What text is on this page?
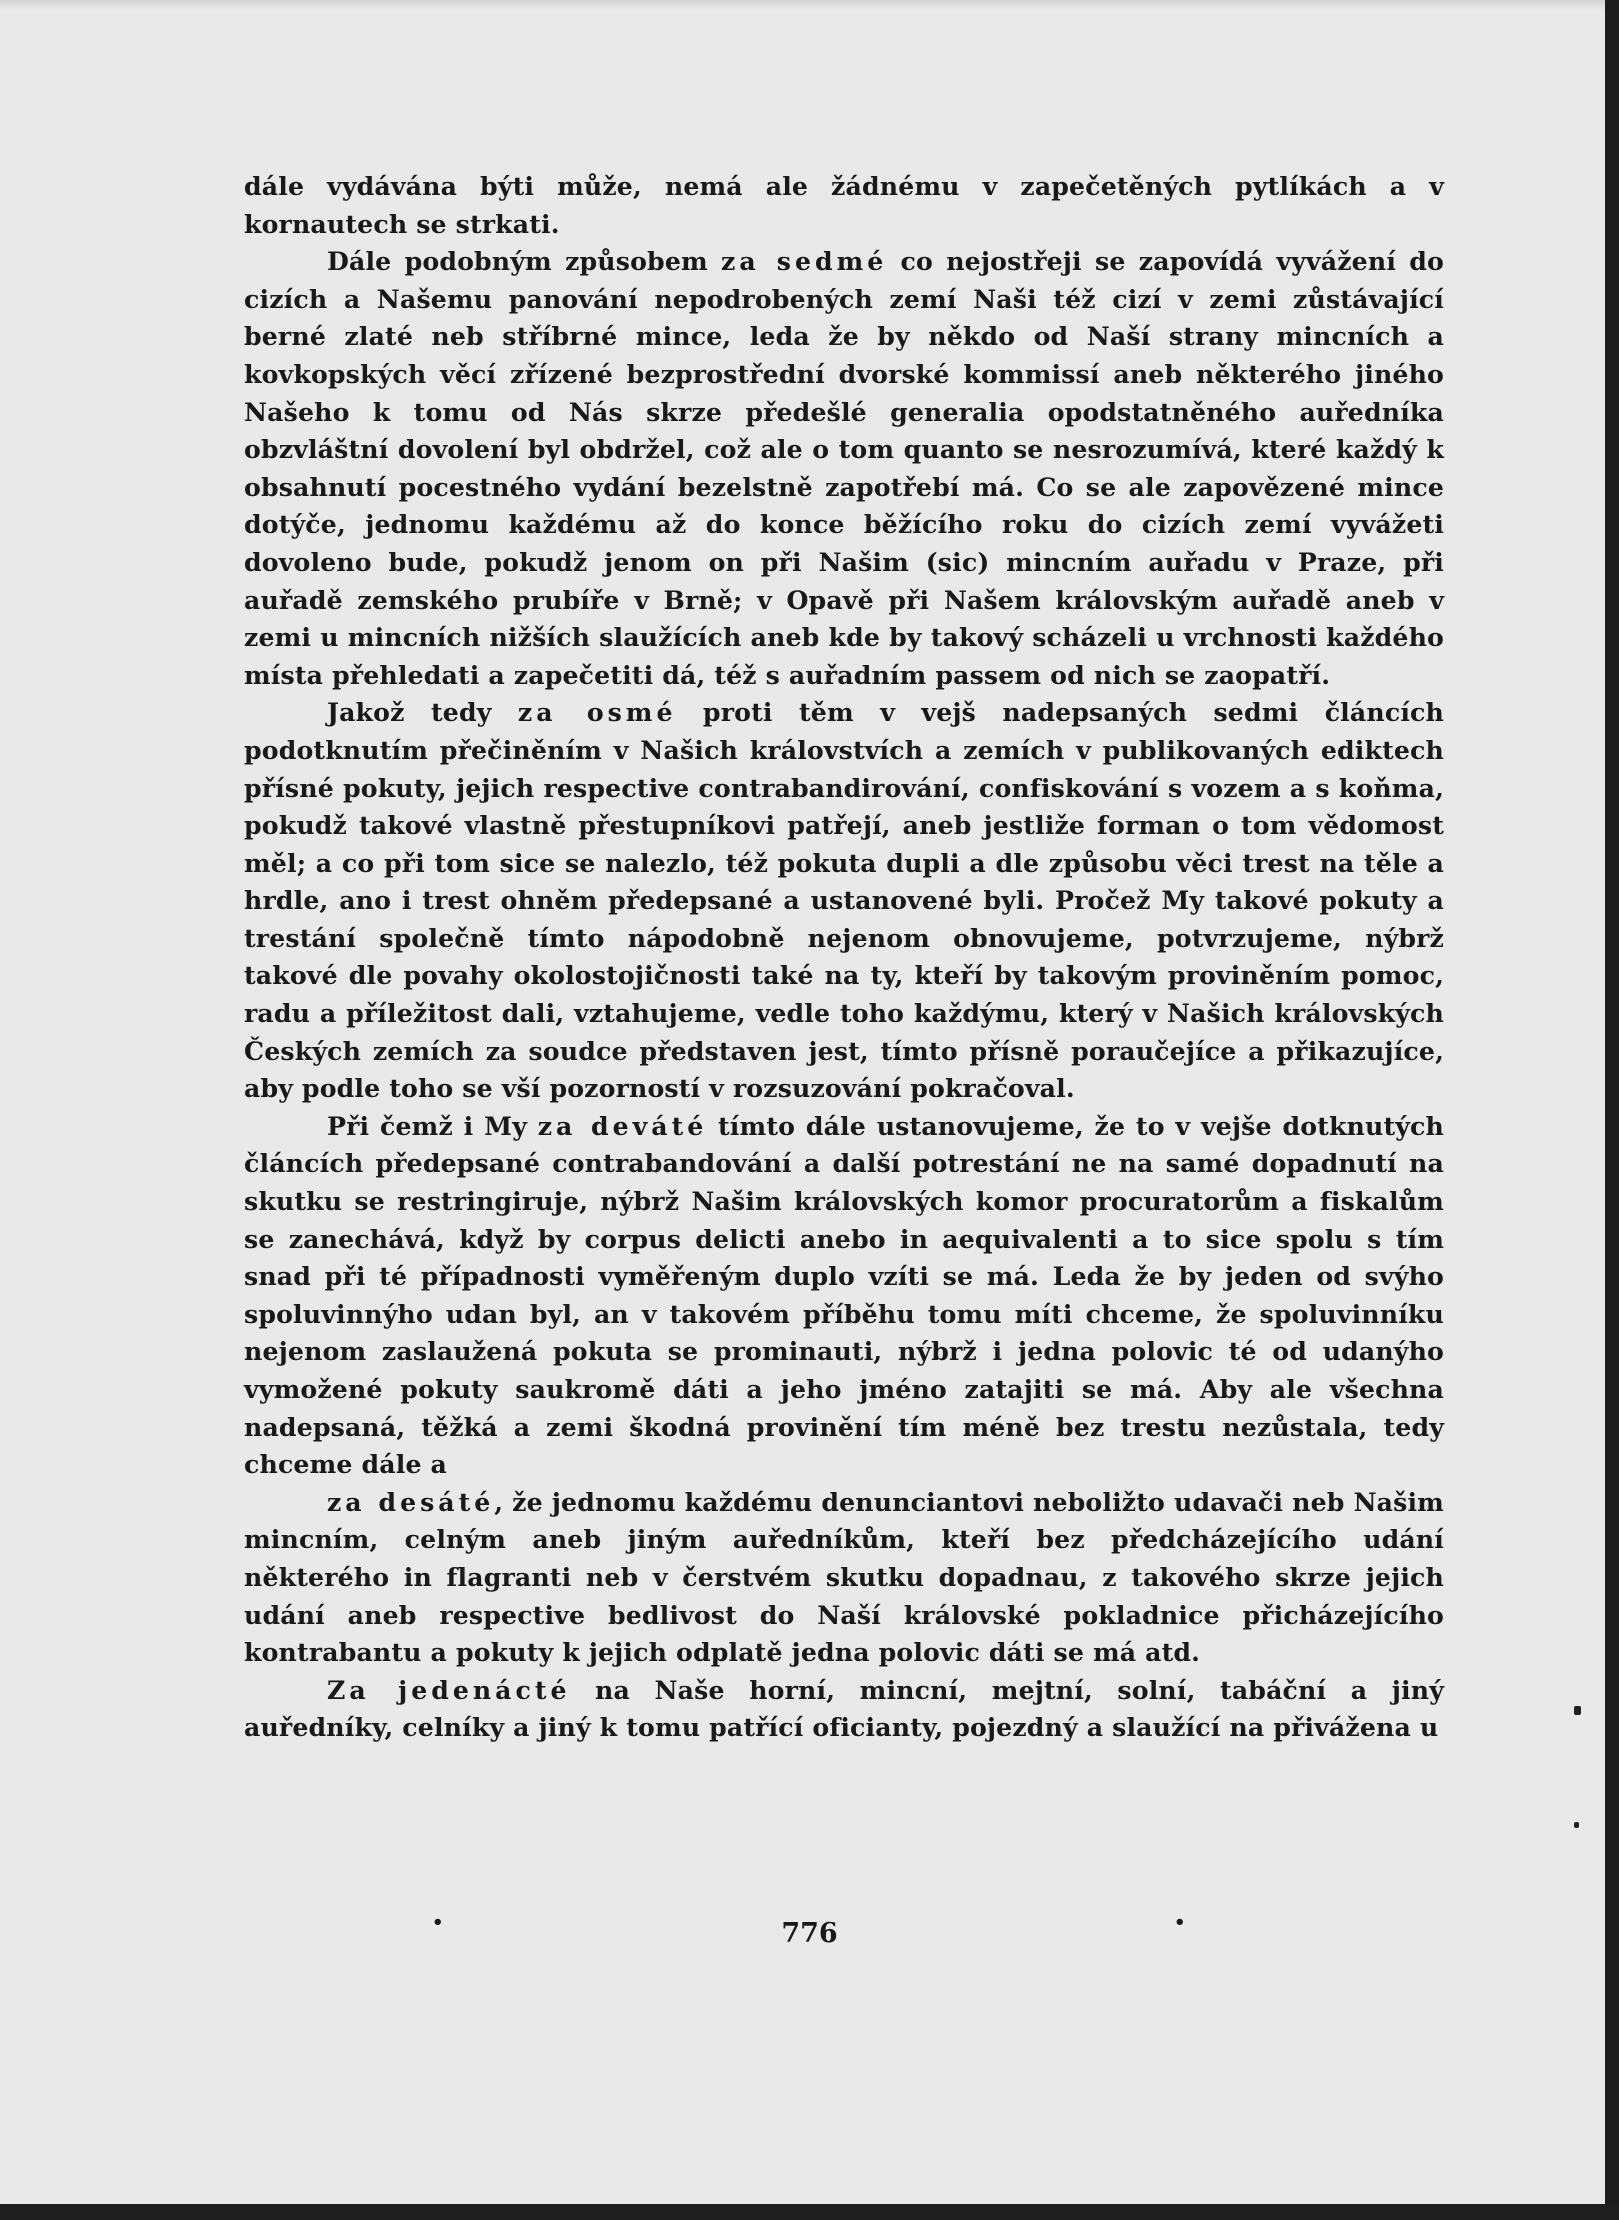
dále vydávána býti může, nemá ale žádnému v zapečetěných pytlíkách a v kornautech se strkati.

Dále podobným způsobem za sedmé co nejostřeji se zapovídá vyvážení do cizích a Našemu panování nepodrobených zemí Naši též cizí v zemi zůstávající berné zlaté neb stříbrné mince, leda že by někdo od Naší strany mincních a kovkopských věcí zřízené bezprostřední dvorské kommissí aneb některého jiného Našeho k tomu od Nás skrze předešlé generalia opodstatněného auředníka obzvláštní dovolení byl obdržel, což ale o tom quanto se nesrozumívá, které každý k obsahnutí pocestného vydání bezelstně zapotřebí má. Co se ale zapovězené mince dotýče, jednomu každému až do konce běžícího roku do cizích zemí vyvážeti dovoleno bude, pokudž jenom on při Našim (sic) mincním auřadu v Praze, při auřadě zemského prubíře v Brně; v Opavě při Našem královským auřadě aneb v zemi u mincních nižších slaužících aneb kde by takový scházeli u vrchnosti každého místa přehledati a zapečetiti dá, též s auřadním passem od nich se zaopatří.

Jakož tedy za osmé proti těm v vejš nadepsaných sedmi článcích podotknutím přečiněním v Našich královstvích a zemích v publikovaných ediktech přísné pokuty, jejich respective contrabandirování, confiskování s vozem a s koňma, pokudž takové vlastně přestupníkovi patřejí, aneb jestliže forman o tom vědomost měl; a co při tom sice se nalezlo, též pokuta dupli a dle způsobu věci trest na těle a hrdle, ano i trest ohněm předepsané a ustanovené byli. Pročež My takové pokuty a trestání společně tímto nápodobně nejenom obnovujeme, potvrzujeme, nýbrž takové dle povahy okolostojičnosti také na ty, kteří by takovým proviněním pomoc, radu a příležitost dali, vztahujeme, vedle toho každýmu, který v Našich královských Českých zemích za soudce představen jest, tímto přísně poraučejíce a přikazujíce, aby podle toho se vší pozorností v rozsuzování pokračoval.

Při čemž i My za deváté tímto dále ustanovujeme, že to v vejše dotknutých článcích předepsané contrabandování a další potrestání ne na samé dopadnutí na skutku se restringiruje, nýbrž Našim královských komor procuratorům a fiskalům se zanechává, když by corpus delicti anebo in aequivalenti a to sice spolu s tím snad při té případnosti vyměřeným duplo vzíti se má. Leda že by jeden od svýho spoluvinnýho udan byl, an v takovém příběhu tomu míti chceme, že spoluvinníku nejenom zaslaužená pokuta se prominauti, nýbrž i jedna polovic té od udanýho vymožené pokuty saukromě dáti a jeho jméno zatajiti se má. Aby ale všechna nadepsaná, těžká a zemi škodná provinění tím méně bez trestu nezůstala, tedy chceme dále a

za desáté, že jednomu každému denunciantovi neboližto udavači neb Našim mincním, celným aneb jiným auředníkům, kteří bez předcházejícího udání některého in flagranti neb v čerstvém skutku dopadnau, z takového skrze jejich udání aneb respective bedlivost do Naší královské pokladnice přicházejícího kontrabantu a pokuty k jejich odplatě jedna polovic dáti se má atd.

Za jedenácté na Naše horní, mincní, mejtní, solní, tabáční a jiný auředníky, celníky a jiný k tomu patřící oficianty, pojezdný a slaužící na přivážena u

•	776	•
